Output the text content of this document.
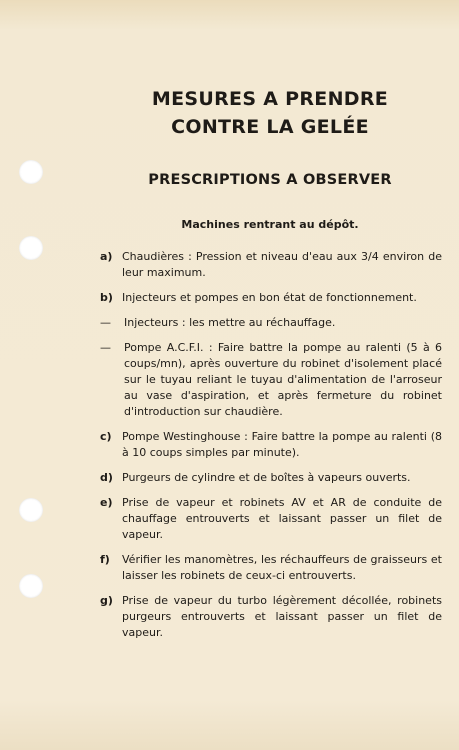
MESURES A PRENDRE
CONTRE LA GELÉE
PRESCRIPTIONS A OBSERVER
Machines rentrant au dépôt.
a) Chaudières : Pression et niveau d'eau aux 3/4 environ de leur maximum.
b) Injecteurs et pompes en bon état de fonctionnement.
—	Injecteurs : les mettre au réchauffage.
—	Pompe A.C.F.I. : Faire battre la pompe au ralenti (5 à 6 coups/mn), après ouverture du robinet d'isolement placé sur le tuyau reliant le tuyau d'alimentation de l'arroseur au vase d'aspiration, et après fermeture du robinet d'introduction sur chaudière.
c) Pompe Westinghouse : Faire battre la pompe au ralenti (8 à 10 coups simples par minute).
d) Purgeurs de cylindre et de boîtes à vapeurs ouverts.
e) Prise de vapeur et robinets AV et AR de conduite de chauffage entrouverts et laissant passer un filet de vapeur.
f)	Vérifier les manomètres, les réchauffeurs de graisseurs et laisser les robinets de ceux-ci entrouverts.
g) Prise de vapeur du turbo légèrement décollée, robinets purgeurs entrouverts et laissant passer un filet de vapeur.
